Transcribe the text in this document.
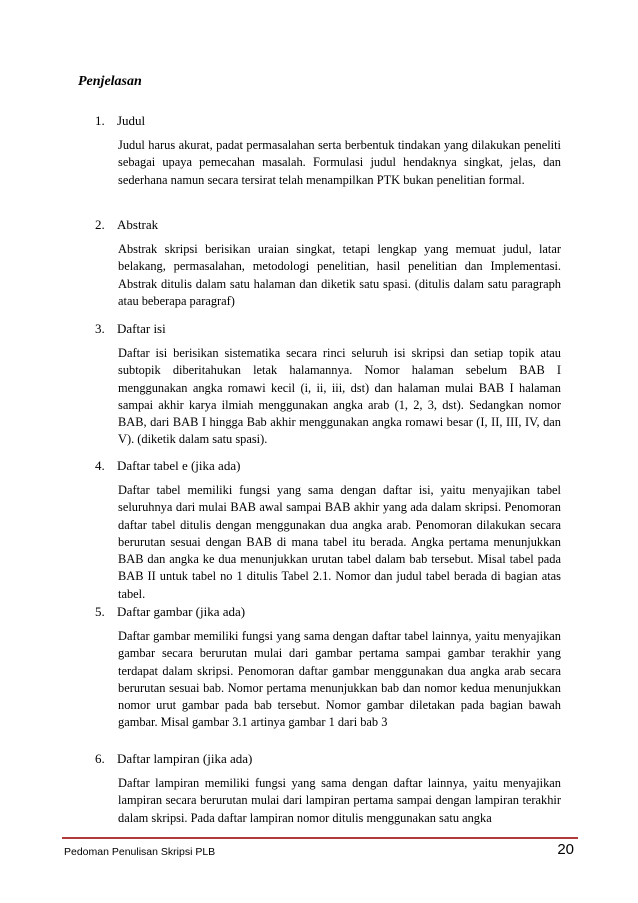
Penjelasan
1. Judul
Judul harus akurat, padat permasalahan serta berbentuk tindakan yang dilakukan peneliti sebagai upaya pemecahan masalah. Formulasi judul hendaknya singkat, jelas, dan sederhana namun secara tersirat telah menampilkan PTK bukan penelitian formal.
2. Abstrak
Abstrak skripsi berisikan uraian singkat, tetapi lengkap yang memuat judul, latar belakang, permasalahan, metodologi penelitian, hasil penelitian dan Implementasi. Abstrak ditulis dalam satu halaman dan diketik satu spasi. (ditulis dalam satu paragraph atau beberapa paragraf)
3. Daftar isi
Daftar isi berisikan sistematika secara rinci seluruh isi skripsi dan setiap topik atau subtopik diberitahukan letak halamannya. Nomor halaman sebelum BAB I menggunakan angka romawi kecil (i, ii, iii, dst) dan halaman mulai BAB I halaman sampai akhir karya ilmiah menggunakan angka arab (1, 2, 3, dst). Sedangkan nomor BAB, dari BAB I hingga Bab akhir menggunakan angka romawi besar (I, II, III, IV, dan V). (diketik dalam satu spasi).
4. Daftar tabel e (jika ada)
Daftar tabel memiliki fungsi yang sama dengan daftar isi, yaitu menyajikan tabel seluruhnya dari mulai BAB awal sampai BAB akhir yang ada dalam skripsi. Penomoran daftar tabel ditulis dengan menggunakan dua angka arab. Penomoran dilakukan secara berurutan sesuai dengan BAB di mana tabel itu berada. Angka pertama menunjukkan BAB dan angka ke dua menunjukkan urutan tabel dalam bab tersebut. Misal tabel pada BAB II untuk tabel no 1 ditulis Tabel 2.1. Nomor dan judul tabel berada di bagian atas tabel.
5. Daftar gambar (jika ada)
Daftar gambar memiliki fungsi yang sama dengan daftar tabel lainnya, yaitu menyajikan gambar secara berurutan mulai dari gambar pertama sampai gambar terakhir yang terdapat dalam skripsi. Penomoran daftar gambar menggunakan dua angka arab secara berurutan sesuai bab. Nomor pertama menunjukkan bab dan nomor kedua menunjukkan nomor urut gambar pada bab tersebut. Nomor gambar diletakan pada bagian bawah gambar. Misal gambar 3.1 artinya gambar 1 dari bab 3
6. Daftar lampiran (jika ada)
Daftar lampiran memiliki fungsi yang sama dengan daftar lainnya, yaitu menyajikan lampiran secara berurutan mulai dari lampiran pertama sampai dengan lampiran terakhir dalam skripsi. Pada daftar lampiran nomor ditulis menggunakan satu angka
Pedoman Penulisan Skripsi PLB	20
